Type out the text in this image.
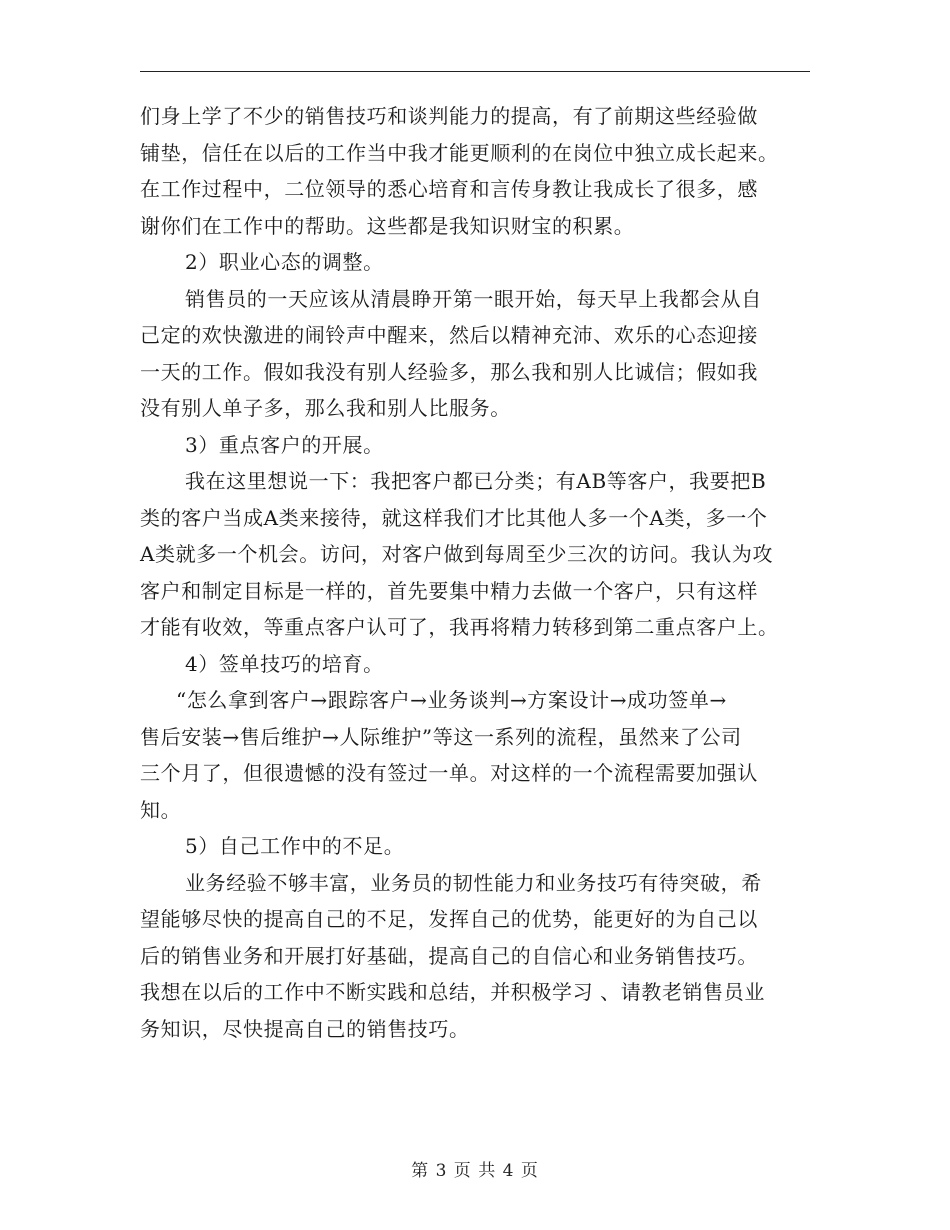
们身上学了不少的销售技巧和谈判能力的提高，有了前期这些经验做
铺垫，信任在以后的工作当中我才能更顺利的在岗位中独立成长起来。
在工作过程中，二位领导的悉心培育和言传身教让我成长了很多，感
谢你们在工作中的帮助。这些都是我知识财宝的积累。
2）职业心态的调整。
销售员的一天应该从清晨睁开第一眼开始，每天早上我都会从自
己定的欢快激进的闹铃声中醒来，然后以精神充沛、欢乐的心态迎接
一天的工作。假如我没有别人经验多，那么我和别人比诚信；假如我
没有别人单子多，那么我和别人比服务。
3）重点客户的开展。
我在这里想说一下：我把客户都已分类；有AB等客户，我要把B
类的客户当成A类来接待，就这样我们才比其他人多一个A类，多一个
A类就多一个机会。访问，对客户做到每周至少三次的访问。我认为攻
客户和制定目标是一样的，首先要集中精力去做一个客户，只有这样
才能有收效，等重点客户认可了，我再将精力转移到第二重点客户上。
4）签单技巧的培育。
“怎么拿到客户→跟踪客户→业务谈判→方案设计→成功签单→
售后安装→售后维护→人际维护”等这一系列的流程，虽然来了公司
三个月了，但很遗憾的没有签过一单。对这样的一个流程需要加强认
知。
5）自己工作中的不足。
业务经验不够丰富，业务员的韧性能力和业务技巧有待突破，希
望能够尽快的提高自己的不足，发挥自己的优势，能更好的为自己以
后的销售业务和开展打好基础，提高自己的自信心和业务销售技巧。
我想在以后的工作中不断实践和总结，并积极学习 、请教老销售员业
务知识，尽快提高自己的销售技巧。
第 3 页 共 4 页
